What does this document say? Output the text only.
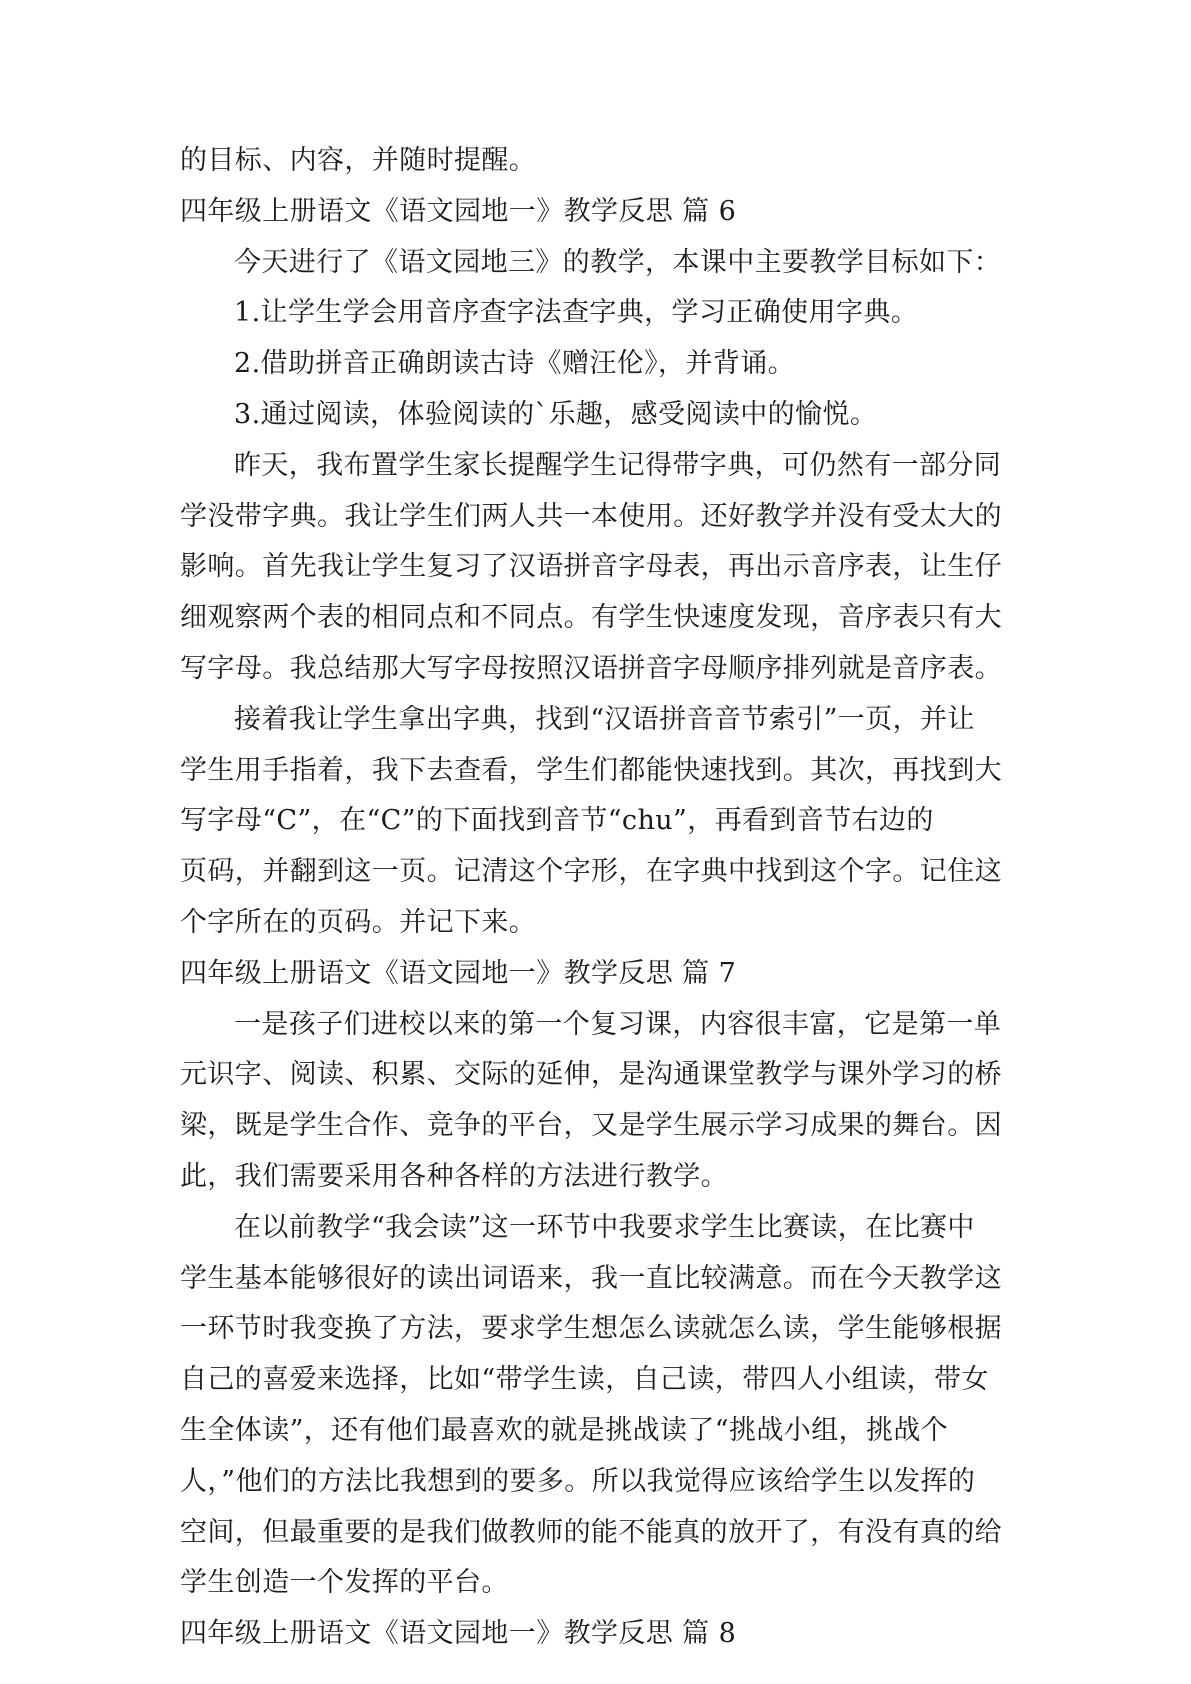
的目标、内容，并随时提醒。
四年级上册语文《语文园地一》教学反思 篇 6
今天进行了《语文园地三》的教学，本课中主要教学目标如下：
1.让学生学会用音序查字法查字典，学习正确使用字典。
2.借助拼音正确朗读古诗《赠汪伦》，并背诵。
3.通过阅读，体验阅读的`乐趣，感受阅读中的愉悦。
昨天，我布置学生家长提醒学生记得带字典，可仍然有一部分同
学没带字典。我让学生们两人共一本使用。还好教学并没有受太大的
影响。首先我让学生复习了汉语拼音字母表，再出示音序表，让生仔
细观察两个表的相同点和不同点。有学生快速度发现，音序表只有大
写字母。我总结那大写字母按照汉语拼音字母顺序排列就是音序表。
接着我让学生拿出字典，找到“汉语拼音音节索引”一页，并让
学生用手指着，我下去查看，学生们都能快速找到。其次，再找到大
写字母“C”，在“C”的下面找到音节“chu”，再看到音节右边的
页码，并翻到这一页。记清这个字形，在字典中找到这个字。记住这
个字所在的页码。并记下来。
四年级上册语文《语文园地一》教学反思 篇 7
一是孩子们进校以来的第一个复习课，内容很丰富，它是第一单
元识字、阅读、积累、交际的延伸，是沟通课堂教学与课外学习的桥
梁，既是学生合作、竞争的平台，又是学生展示学习成果的舞台。因
此，我们需要采用各种各样的方法进行教学。
在以前教学“我会读”这一环节中我要求学生比赛读，在比赛中
学生基本能够很好的读出词语来，我一直比较满意。而在今天教学这
一环节时我变换了方法，要求学生想怎么读就怎么读，学生能够根据
自己的喜爱来选择，比如“带学生读，自己读，带四人小组读，带女
生全体读”，还有他们最喜欢的就是挑战读了“挑战小组，挑战个
人，”他们的方法比我想到的要多。所以我觉得应该给学生以发挥的
空间，但最重要的是我们做教师的能不能真的放开了，有没有真的给
学生创造一个发挥的平台。
四年级上册语文《语文园地一》教学反思 篇 8
